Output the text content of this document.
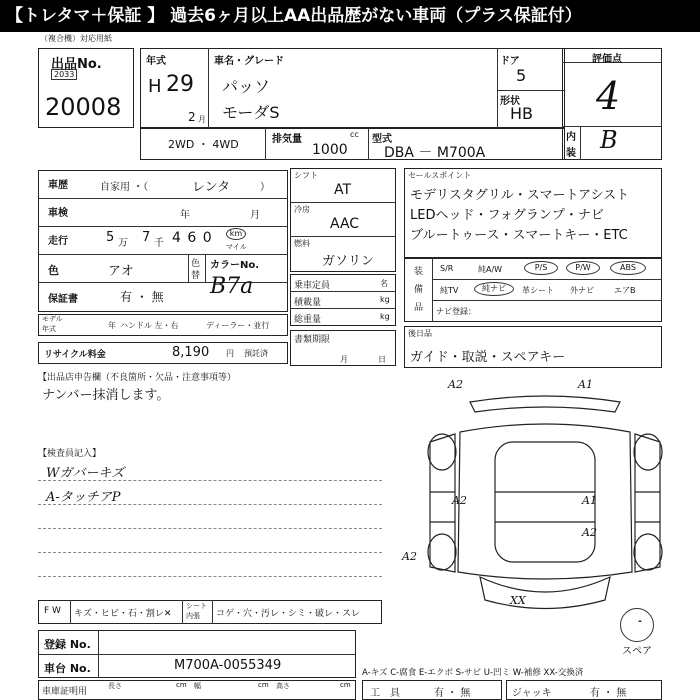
【トレタマ＋保証 】 過去6ヶ月以上AA出品歴がない車両（プラス保証付）
（複合機）対応用紙
出品No.
2033
20008
年式
H 29
2 月
車名・グレード
パッソ
モーダS
ドア
5
形状
HB
評価点
4
内
装 B
2WD ・ 4WD	排気量	cc
1000
型式
DBA － M700A
車歴	自家用 ・（	レンタ	）
車検	年	月
走行	5 万 7 千 4 6 0	km
マイル
色	アオ	色
替
カラーNo.
B7a
保証書	有 ・ 無
モデル
年式	年 ハンドル 左・右	ディーラー・並行
リサイクル料金	8,190 円 預託済
シフト
AT
冷房
AAC
燃料
ガソリン
乗車定員	名
積載量	kg
総重量	kg
書類期限
月	日
セールスポイント
モデリスタグリル・スマートアシスト
LEDヘッド・フォグランプ・ナビ
ブルートゥース・スマートキー・ETC
装
備
品
S/R	純A/W	P/S	P/W	ABS
純TV	純ナビ	革シート 外ナビ	エアB
ナビ登録：
後日品
ガイド・取説・スペアキー
【出品店申告欄（不良箇所・欠品・注意事項等）
ナンバー抹消します。
【検査員記入】
Wガバーキズ
A-タッチアP
A2	A1
A2	A1
A2
A2
XX
スペア
F W キズ・ヒビ・石・割レ✕
シート
内張 コゲ・穴・汚レ・シミ・破レ・スレ
登録 No.
車台 No.	M700A-0055349	A-キズ C-腐食 E-エクボ S-サビ U-凹ミ W-補修 XX-交換済
車庫証明用
長さ	cm 幅	cm 高さ	cm
工　具	有 ・ 無	ジャッキ	有 ・ 無
